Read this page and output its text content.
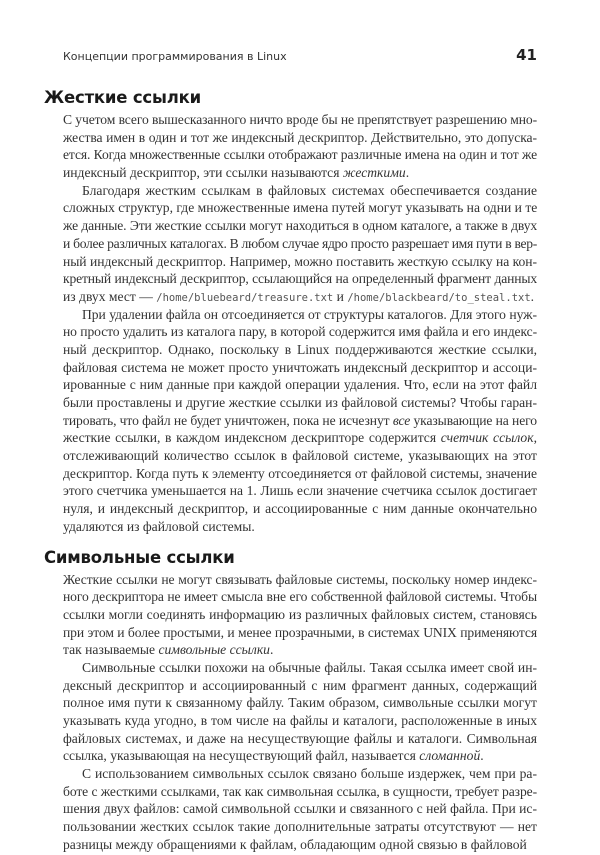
Концепции программирования в Linux	41
Жесткие ссылки
С учетом всего вышесказанного ничто вроде бы не препятствует разрешению мно-
жества имен в один и тот же индексный дескриптор. Действительно, это допуска-
ется. Когда множественные ссылки отображают различные имена на один и тот же
индексный дескриптор, эти ссылки называются жесткими.
Благодаря жестким ссылкам в файловых системах обеспечивается создание
сложных структур, где множественные имена путей могут указывать на одни и те
же данные. Эти жесткие ссылки могут находиться в одном каталоге, а также в двух
и более различных каталогах. В любом случае ядро просто разрешает имя пути в вер-
ный индексный дескриптор. Например, можно поставить жесткую ссылку на кон-
кретный индексный дескриптор, ссылающийся на определенный фрагмент данных
из двух мест — /home/bluebeard/treasure.txt и /home/blackbeard/to_steal.txt.
При удалении файла он отсоединяется от структуры каталогов. Для этого нуж-
но просто удалить из каталога пару, в которой содержится имя файла и его индекс-
ный дескриптор. Однако, поскольку в Linux поддерживаются жесткие ссылки,
файловая система не может просто уничтожать индексный дескриптор и ассоци-
ированные с ним данные при каждой операции удаления. Что, если на этот файл
были проставлены и другие жесткие ссылки из файловой системы? Чтобы гаран-
тировать, что файл не будет уничтожен, пока не исчезнут все указывающие на него
жесткие ссылки, в каждом индексном дескрипторе содержится счетчик ссылок,
отслеживающий количество ссылок в файловой системе, указывающих на этот
дескриптор. Когда путь к элементу отсоединяется от файловой системы, значение
этого счетчика уменьшается на 1. Лишь если значение счетчика ссылок достигает
нуля, и индексный дескриптор, и ассоциированные с ним данные окончательно
удаляются из файловой системы.
Символьные ссылки
Жесткие ссылки не могут связывать файловые системы, поскольку номер индекс-
ного дескриптора не имеет смысла вне его собственной файловой системы. Чтобы
ссылки могли соединять информацию из различных файловых систем, становясь
при этом и более простыми, и менее прозрачными, в системах UNIX применяются
так называемые символьные ссылки.
Символьные ссылки похожи на обычные файлы. Такая ссылка имеет свой ин-
дексный дескриптор и ассоциированный с ним фрагмент данных, содержащий
полное имя пути к связанному файлу. Таким образом, символьные ссылки могут
указывать куда угодно, в том числе на файлы и каталоги, расположенные в иных
файловых системах, и даже на несуществующие файлы и каталоги. Символьная
ссылка, указывающая на несуществующий файл, называется сломанной.
С использованием символьных ссылок связано больше издержек, чем при ра-
боте с жесткими ссылками, так как символьная ссылка, в сущности, требует разре-
шения двух файлов: самой символьной ссылки и связанного с ней файла. При ис-
пользовании жестких ссылок такие дополнительные затраты отсутствуют — нет
разницы между обращениями к файлам, обладающим одной связью в файловой
